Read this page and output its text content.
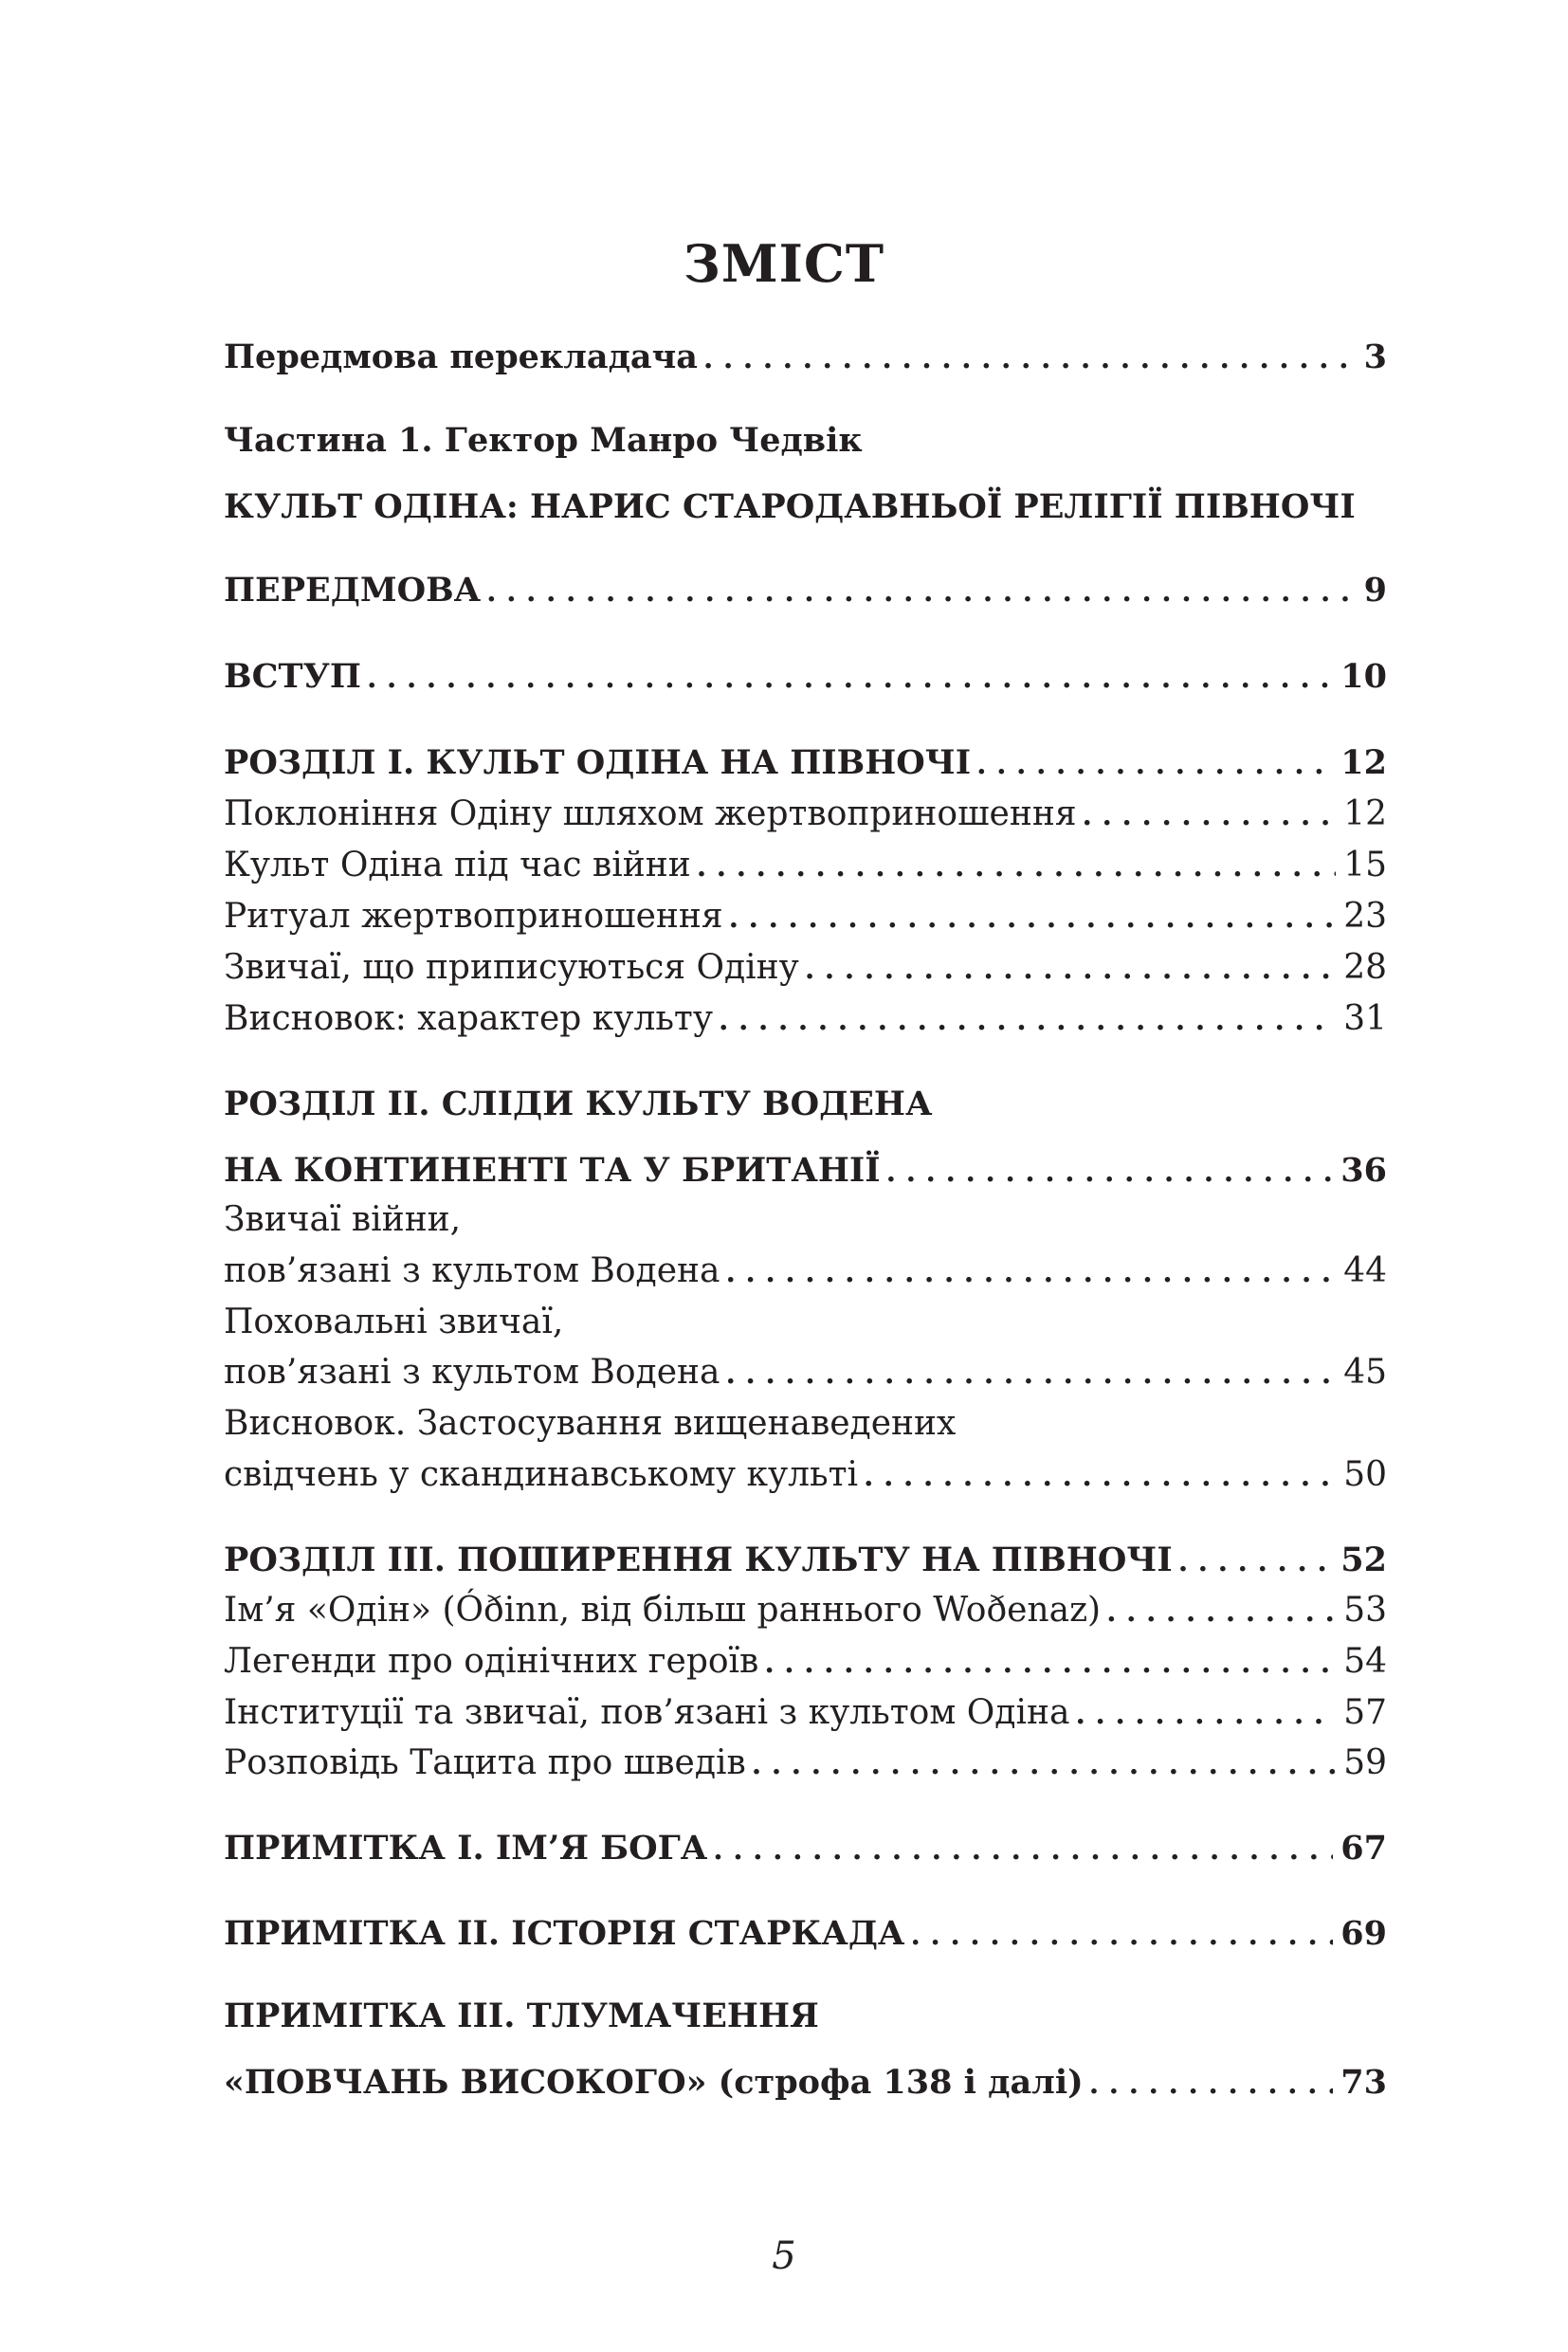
ЗМІСТ
Передмова перекладача .....	3
Частина 1. Гектор Манро Чедвік
КУЛЬТ ОДІНА: НАРИС СТАРОДАВНЬОЇ РЕЛІГІЇ ПІВНОЧІ
ПЕРЕДМОВА .....	9
ВСТУП .....	10
РОЗДІЛ I. КУЛЬТ ОДІНА НА ПІВНОЧІ .....	12
Поклоніння Одіну шляхом жертвоприношення .....	12
Культ Одіна під час війни .....	15
Ритуал жертвоприношення .....	23
Звичаї, що приписуються Одіну .....	28
Висновок: характер культу .....	31
РОЗДІЛ II. СЛІДИ КУЛЬТУ ВОДЕНА
НА КОНТИНЕНТІ ТА У БРИТАНІЇ .....	36
Звичаї війни,
пов’язані з культом Водена .....	44
Поховальні звичаї,
пов’язані з культом Водена .....	45
Висновок. Застосування вищенаведених
свідчень у скандинавському культі .....	50
РОЗДІЛ III. ПОШИРЕННЯ КУЛЬТУ НА ПІВНОЧІ .....	52
Ім’я «Одін» (Óðinn, від більш раннього Woðenaz) .....	53
Легенди про одінічних героїв .....	54
Інституції та звичаї, пов’язані з культом Одіна .....	57
Розповідь Тацита про шведів .....	59
ПРИМІТКА I. ІМ’Я БОГА .....	67
ПРИМІТКА II. ІСТОРІЯ СТАРКАДА .....	69
ПРИМІТКА III. ТЛУМАЧЕННЯ
«ПОВЧАНЬ ВИСОКОГО» (строфа 138 і далі) .....	73
5
